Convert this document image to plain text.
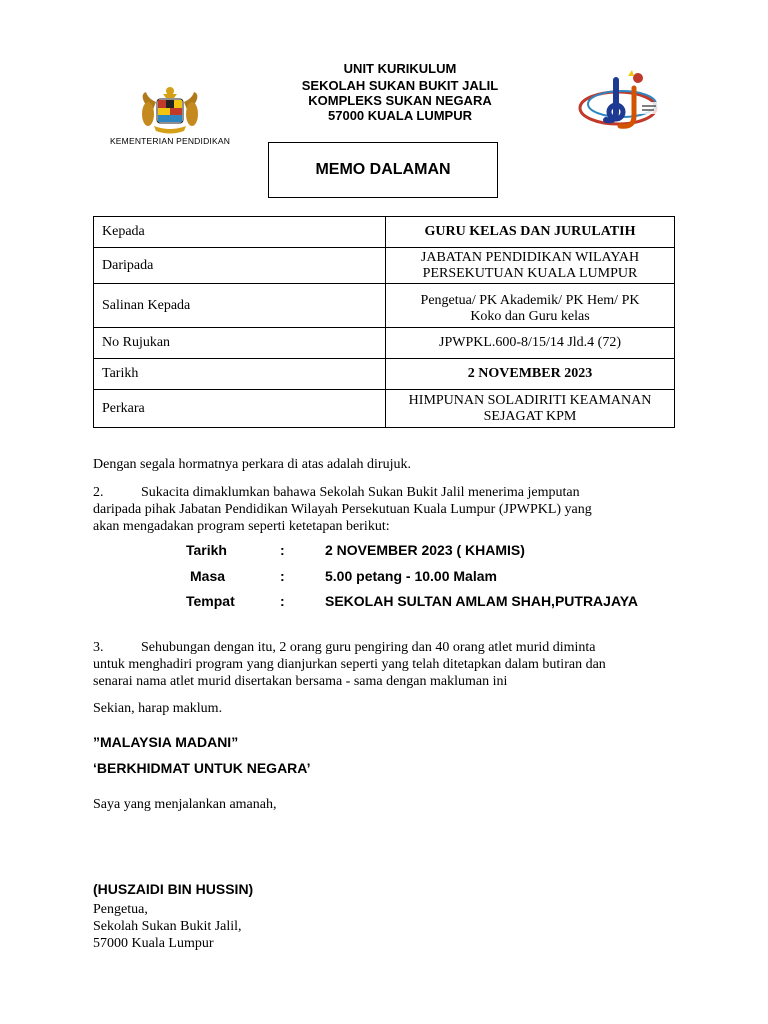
KEMENTERIAN PENDIDIKAN
UNIT KURIKULUM
SEKOLAH SUKAN BUKIT JALIL
KOMPLEKS SUKAN NEGARA
57000 KUALA LUMPUR
MEMO DALAMAN
Kepada	GURU KELAS DAN JURULATIH
Daripada	JABATAN PENDIDIKAN WILAYAH
PERSEKUTUAN KUALA LUMPUR

Salinan Kepada	Pengetua/ PK Akademik/ PK Hem/ PK
Koko dan Guru kelas

No Rujukan	JPWPKL.600-8/15/14 Jld.4 (72)
Tarikh	2 NOVEMBER 2023
Perkara	HIMPUNAN SOLADIRITI KEAMANAN
SEJAGAT KPM
Dengan segala hormatnya perkara di atas adalah dirujuk.
2.	Sukacita dimaklumkan bahawa Sekolah Sukan Bukit Jalil menerima jemputan
daripada pihak Jabatan Pendidikan Wilayah Persekutuan Kuala Lumpur (JPWPKL) yang
akan mengadakan program seperti ketetapan berikut:
Tarikh	:	2 NOVEMBER 2023 ( KHAMIS)
Masa	:	5.00 petang - 10.00 Malam
Tempat	:	SEKOLAH SULTAN AMLAM SHAH,PUTRAJAYA
3.	Sehubungan dengan itu, 2 orang guru pengiring dan 40 orang atlet murid diminta
untuk menghadiri program yang dianjurkan seperti yang telah ditetapkan dalam butiran dan
senarai nama atlet murid disertakan bersama - sama dengan makluman ini
Sekian, harap maklum.
”MALAYSIA MADANI”
‘BERKHIDMAT UNTUK NEGARA’
Saya yang menjalankan amanah,
(HUSZAIDI BIN HUSSIN)
Pengetua,
Sekolah Sukan Bukit Jalil,
57000 Kuala Lumpur
